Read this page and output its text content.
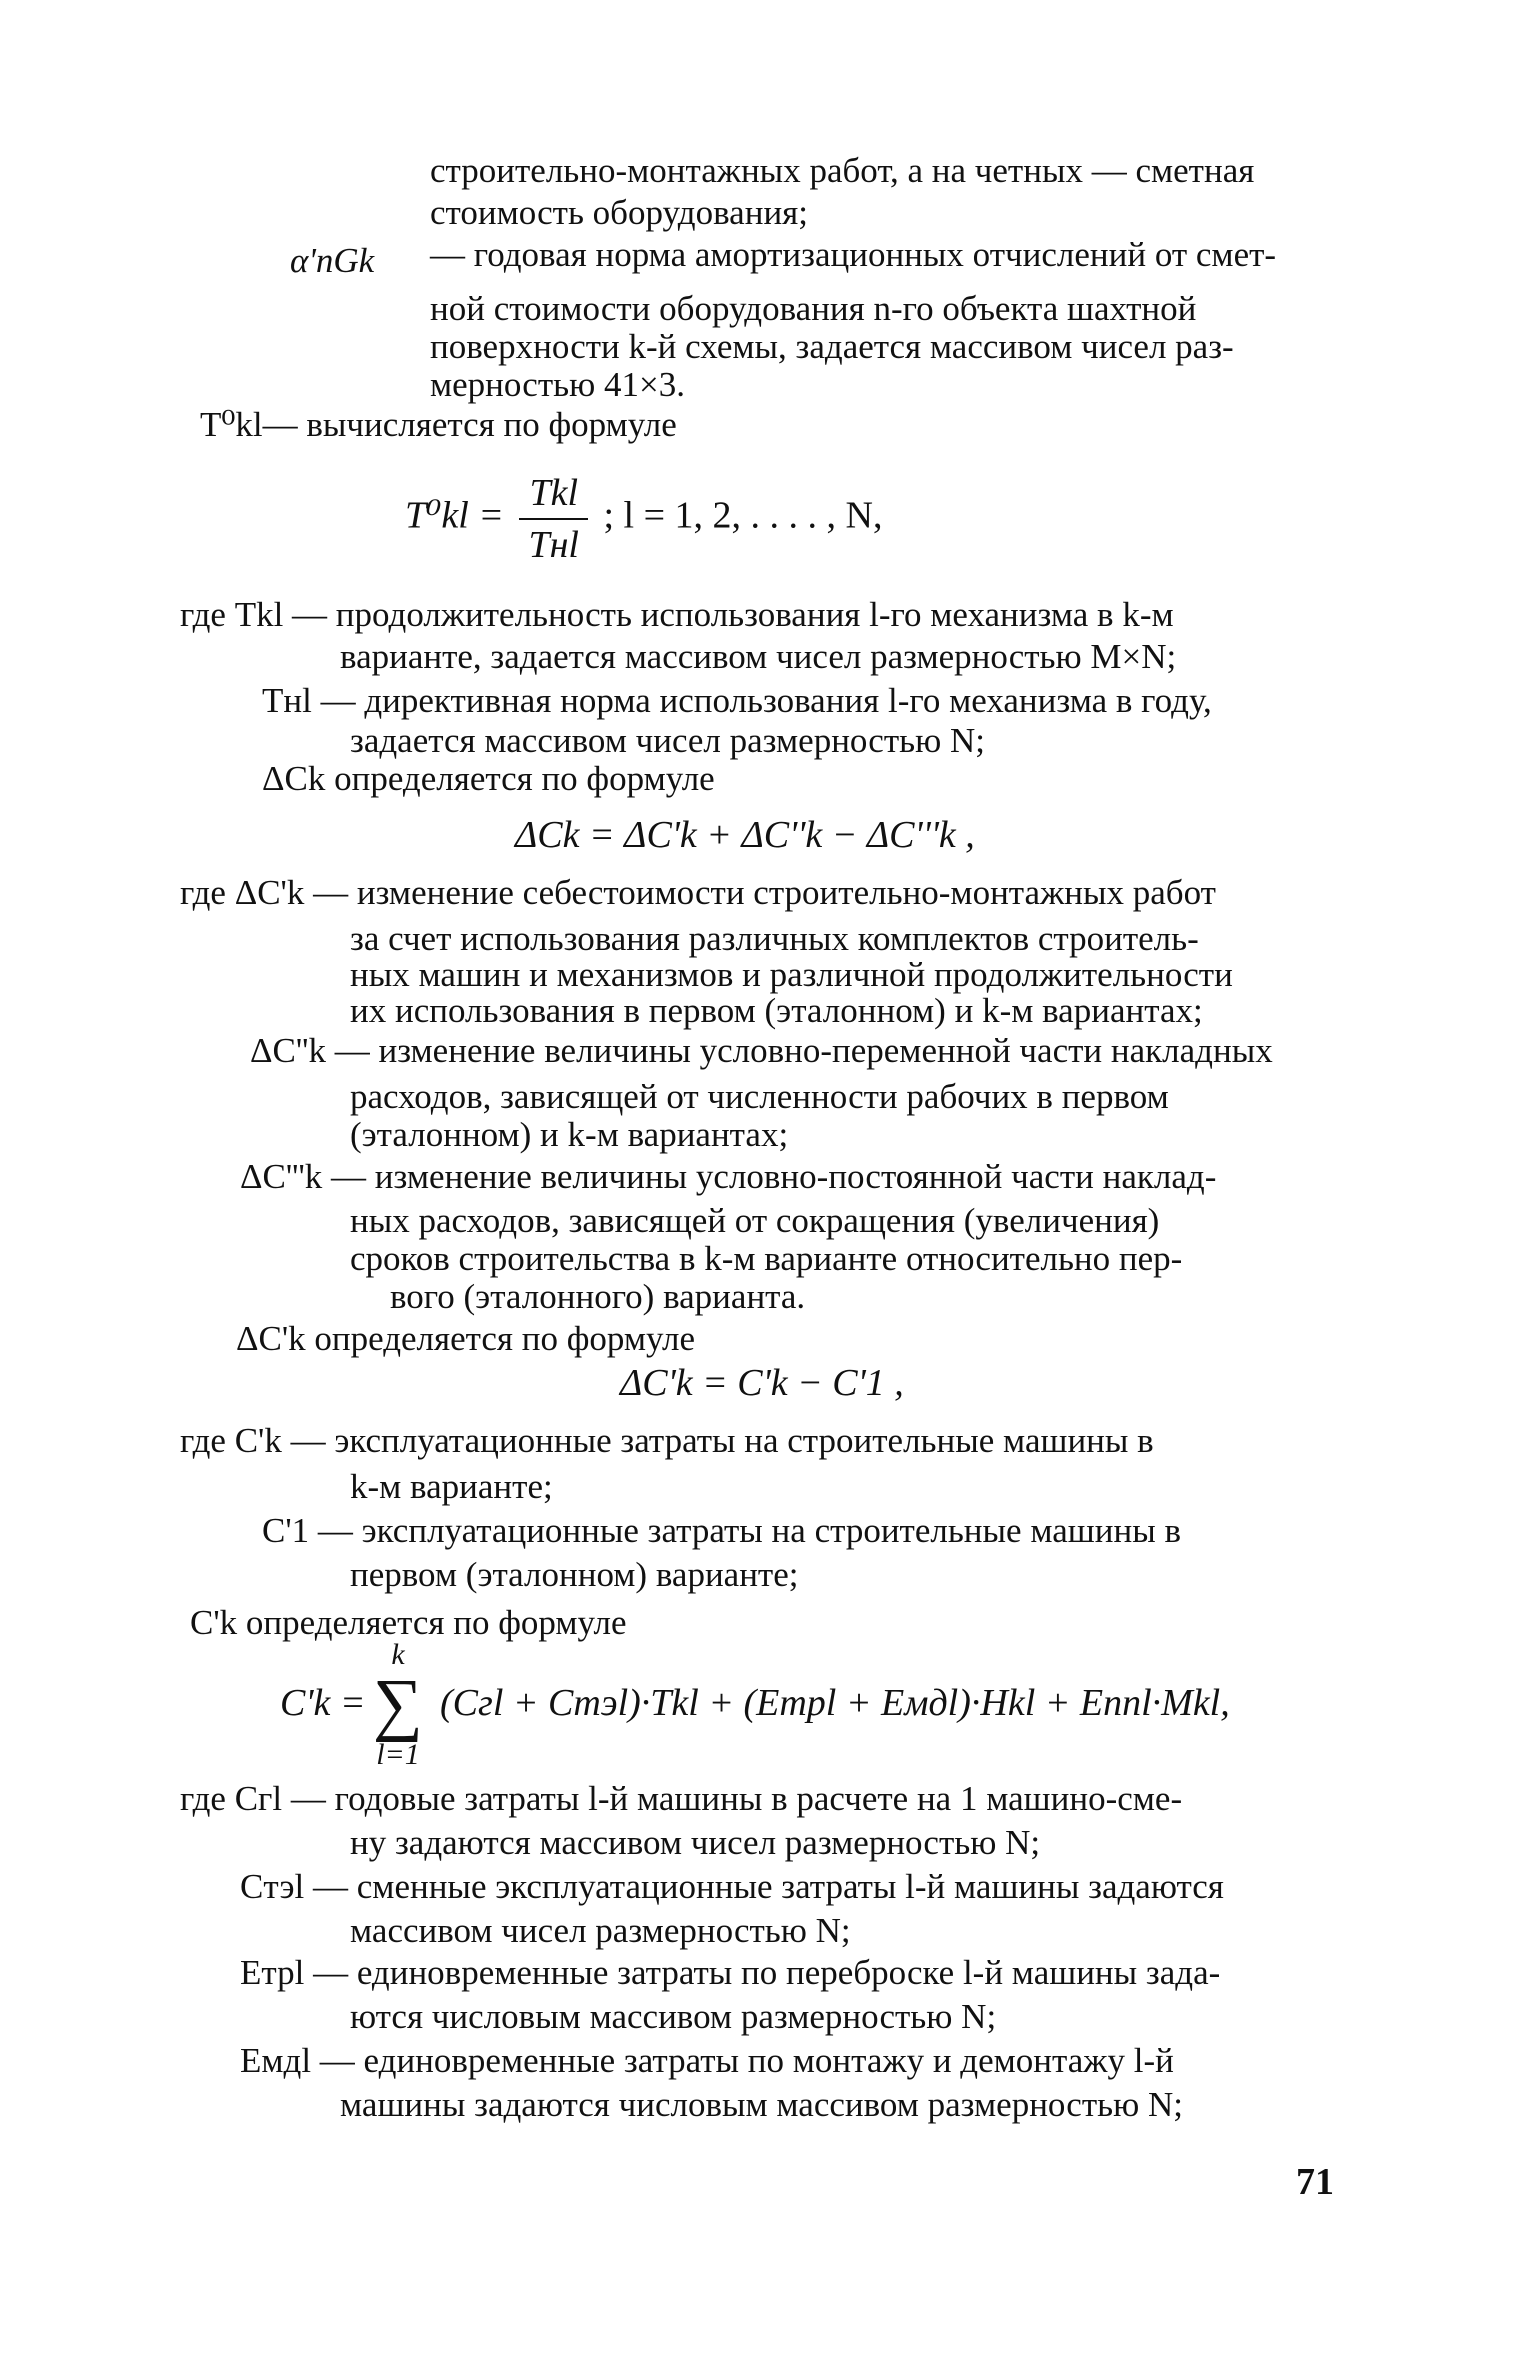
строительно-монтажных работ, а на четных — сметная
стоимость оборудования;
α'nGk — годовая норма амортизационных отчислений от смет-
ной стоимости оборудования n-го объекта шахтной
поверхности k-й схемы, задается массивом чисел раз-
мерностью 41×3.
T⁰kl— вычисляется по формуле
$T^0kl = \frac{\text{Tkl}}{\text{Tнl}}$ ; l = 1, 2, . . . . , N,
где Tkl — продолжительность использования l-го механизма в k-м
варианте, задается массивом чисел размерностью M×N;
Tнl — директивная норма использования l-го механизма в году,
задается массивом чисел размерностью N;
ΔCk определяется по формуле
ΔCk = ΔC'k + ΔC''k − ΔC'''k ,
где ΔC'k — изменение себестоимости строительно-монтажных работ
за счет использования различных комплектов строитель-
ных машин и механизмов и различной продолжительности
их использования в первом (эталонном) и k-м вариантах;
ΔC''k — изменение величины условно-переменной части накладных
расходов, зависящей от численности рабочих в первом
(эталонном) и k-м вариантах;
ΔC'''k — изменение величины условно-постоянной части наклад-
ных расходов, зависящей от сокращения (увеличения)
сроков строительства в k-м варианте относительно пер-
вого (эталонного) варианта.
ΔC'k определяется по формуле
ΔC'k = C'k − C'1 ,
где C'k — эксплуатационные затраты на строительные машины в
k-м варианте;
C'1 — эксплуатационные затраты на строительные машины в
первом (эталонном) варианте;
C'k определяется по формуле
C'k =
k
∑
l=1
(Cгl + Cтэl)·Tkl + (Eтрl + Eмдl)·Hkl + Eппl·Mkl,
где Cгl — годовые затраты l-й машины в расчете на 1 машино-сме-
ну задаются массивом чисел размерностью N;
Cтэl — сменные эксплуатационные затраты l-й машины задаются
массивом чисел размерностью N;
Eтрl — единовременные затраты по переброске l-й машины зада-
ются числовым массивом размерностью N;
Eмдl — единовременные затраты по монтажу и демонтажу l-й
машины задаются числовым массивом размерностью N;
71
